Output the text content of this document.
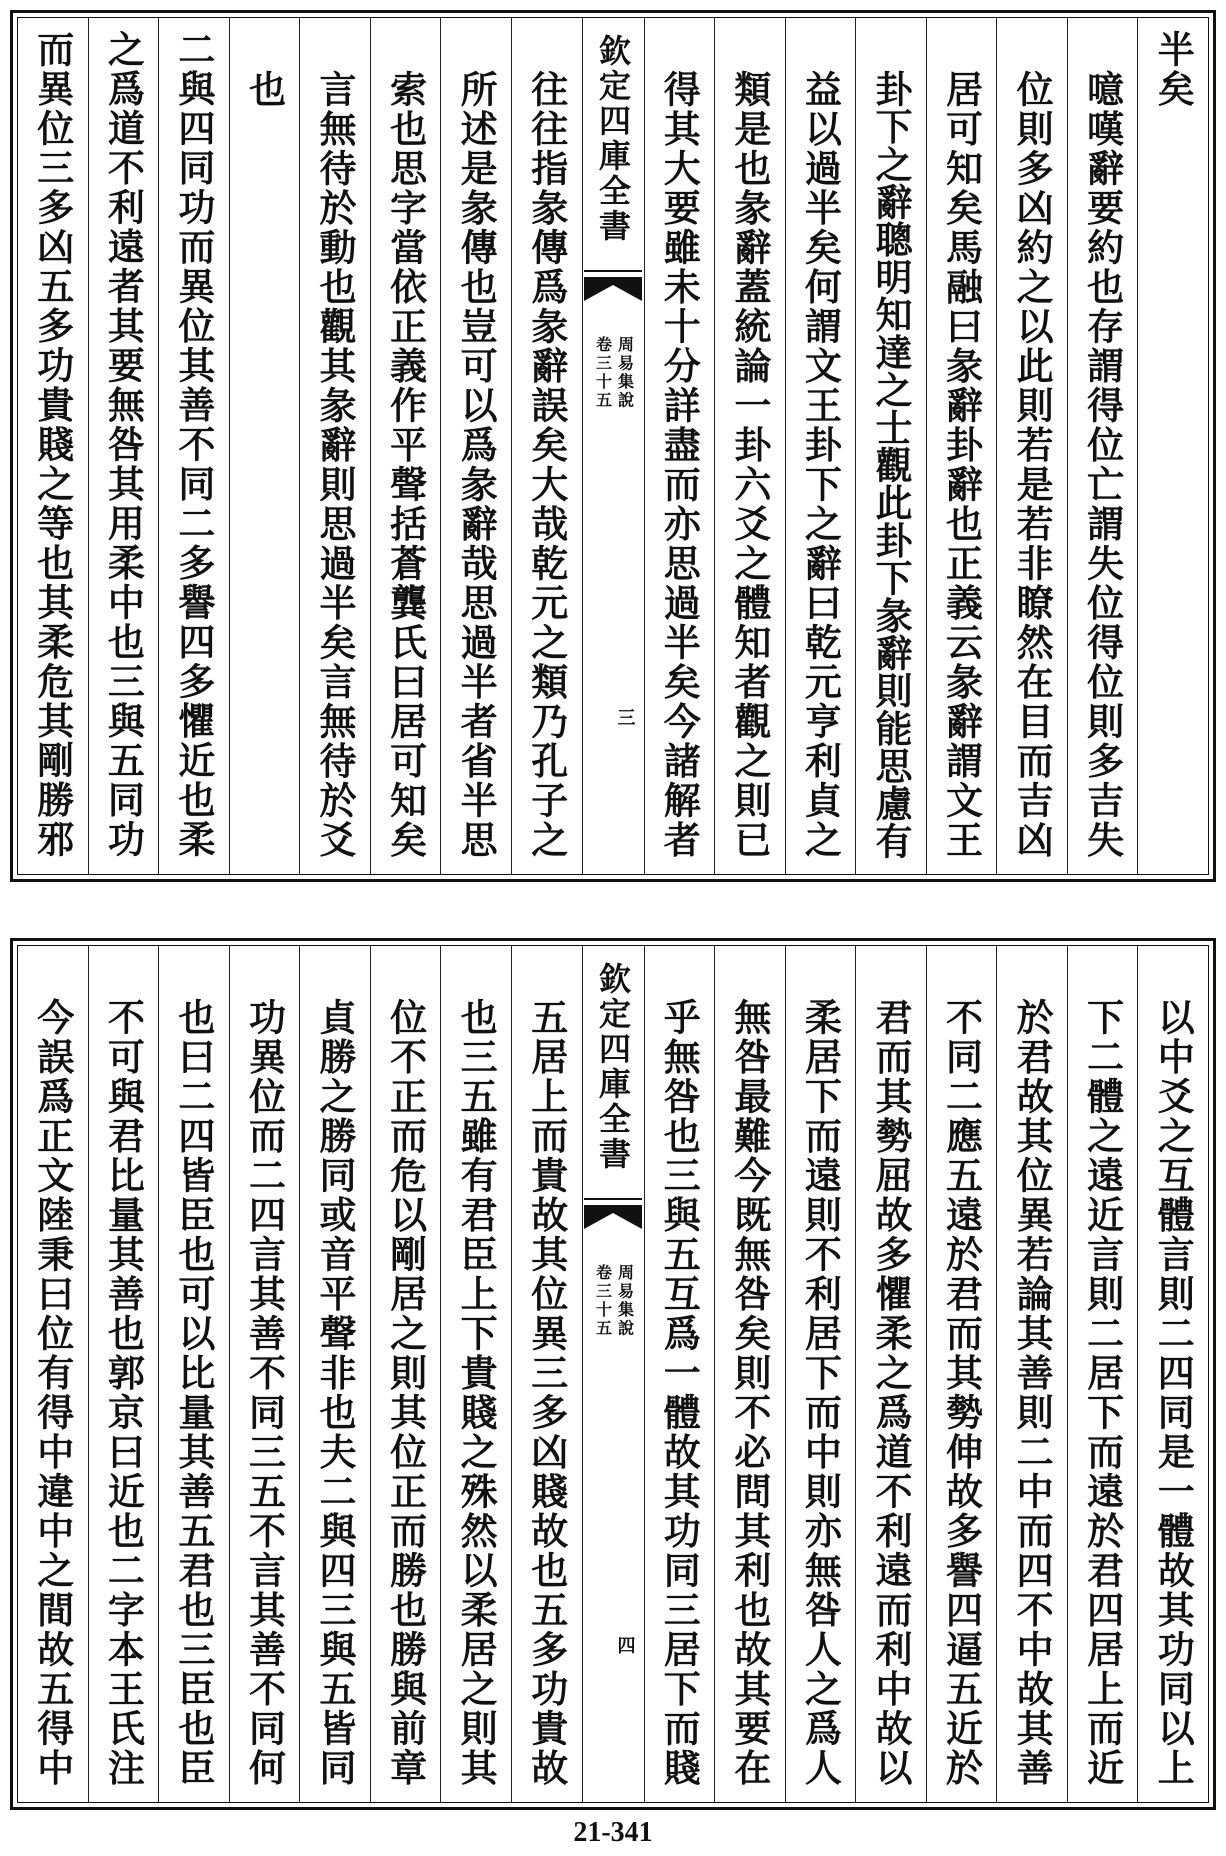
半矣
噫嘆辭要約也存謂得位亡謂失位得位則多吉失
位則多凶約之以此則若是若非瞭然在目而吉凶
居可知矣馬融曰彖辭卦辭也正義云彖辭謂文王
卦下之辭聰明知達之士觀此卦下彖辭則能思慮有
益以過半矣何謂文王卦下之辭曰乾元亨利貞之
類是也彖辭蓋統論一卦六爻之體知者觀之則已
得其大要雖未十分詳盡而亦思過半矣今諸解者
欽定四庫全書
周易集說
卷三十五
三
往往指彖傳爲彖辭誤矣大哉乾元之類乃孔子之
所述是彖傳也豈可以爲彖辭哉思過半者省半思
索也思字當依正義作平聲括蒼龔氏曰居可知矣
言無待於動也觀其彖辭則思過半矣言無待於爻
也
二與四同功而異位其善不同二多譽四多懼近也柔
之爲道不利遠者其要無咎其用柔中也三與五同功
而異位三多凶五多功貴賤之等也其柔危其剛勝邪
以中爻之互體言則二四同是一體故其功同以上
下二體之遠近言則二居下而遠於君四居上而近
於君故其位異若論其善則二中而四不中故其善
不同二應五遠於君而其勢伸故多譽四逼五近於
君而其勢屈故多懼柔之爲道不利遠而利中故以
柔居下而遠則不利居下而中則亦無咎人之爲人
無咎最難今既無咎矣則不必問其利也故其要在
乎無咎也三與五互爲一體故其功同三居下而賤
欽定四庫全書
周易集說
卷三十五
四
五居上而貴故其位異三多凶賤故也五多功貴故
也三五雖有君臣上下貴賤之殊然以柔居之則其
位不正而危以剛居之則其位正而勝也勝與前章
貞勝之勝同或音平聲非也夫二與四三與五皆同
功異位而二四言其善不同三五不言其善不同何
也曰二四皆臣也可以比量其善五君也三臣也臣
不可與君比量其善也郭京曰近也二字本王氏注
今誤爲正文陸秉曰位有得中違中之間故五得中
21-341
